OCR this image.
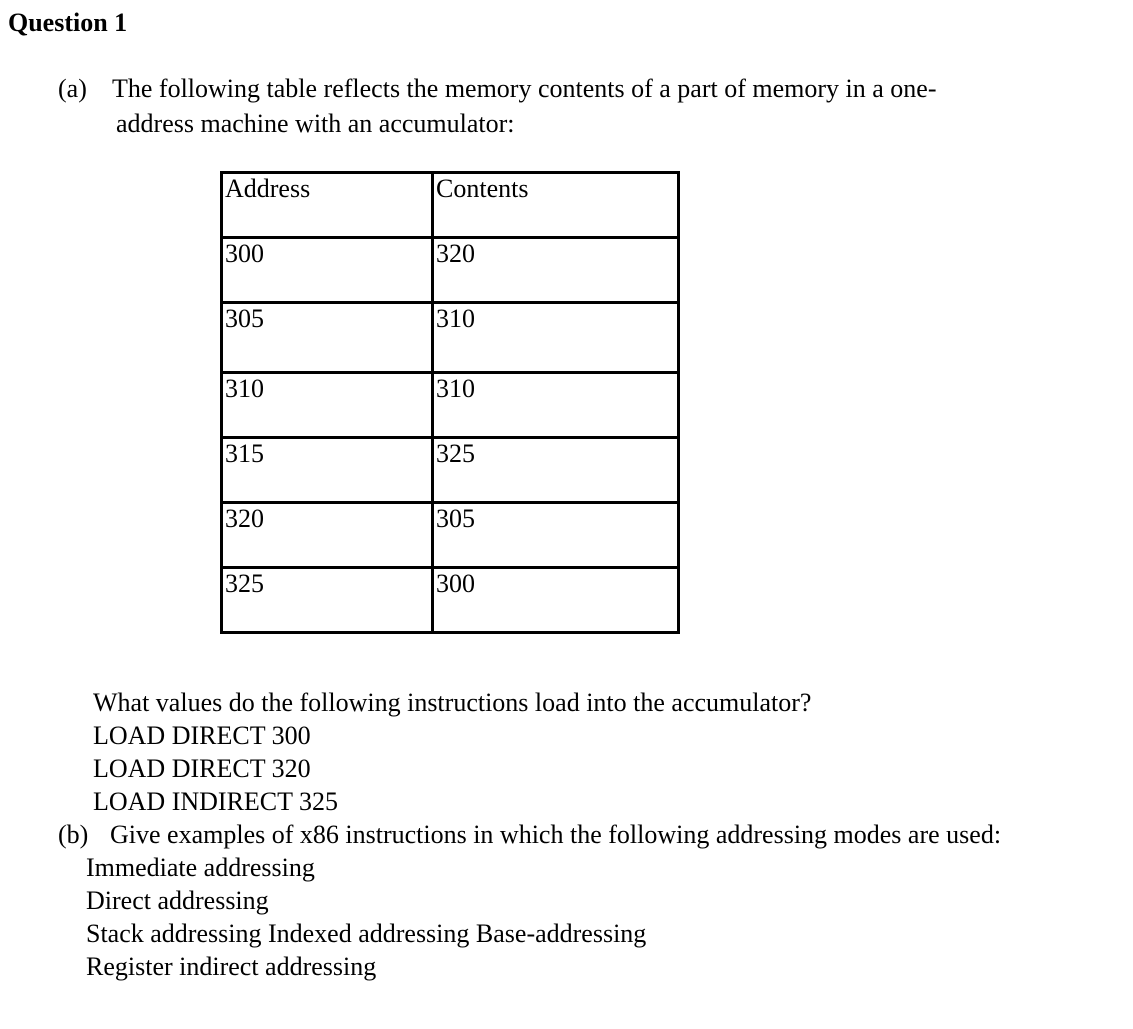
Question 1
(a) The following table reflects the memory contents of a part of memory in a one-
address machine with an accumulator:
Address	Contents
300	320
305	310
310	310
315	325
320	305
325	300
What values do the following instructions load into the accumulator?
LOAD DIRECT 300
LOAD DIRECT 320
LOAD INDIRECT 325
(b) Give examples of x86 instructions in which the following addressing modes are used:
Immediate addressing
Direct addressing
Stack addressing Indexed addressing Base-addressing
Register indirect addressing
